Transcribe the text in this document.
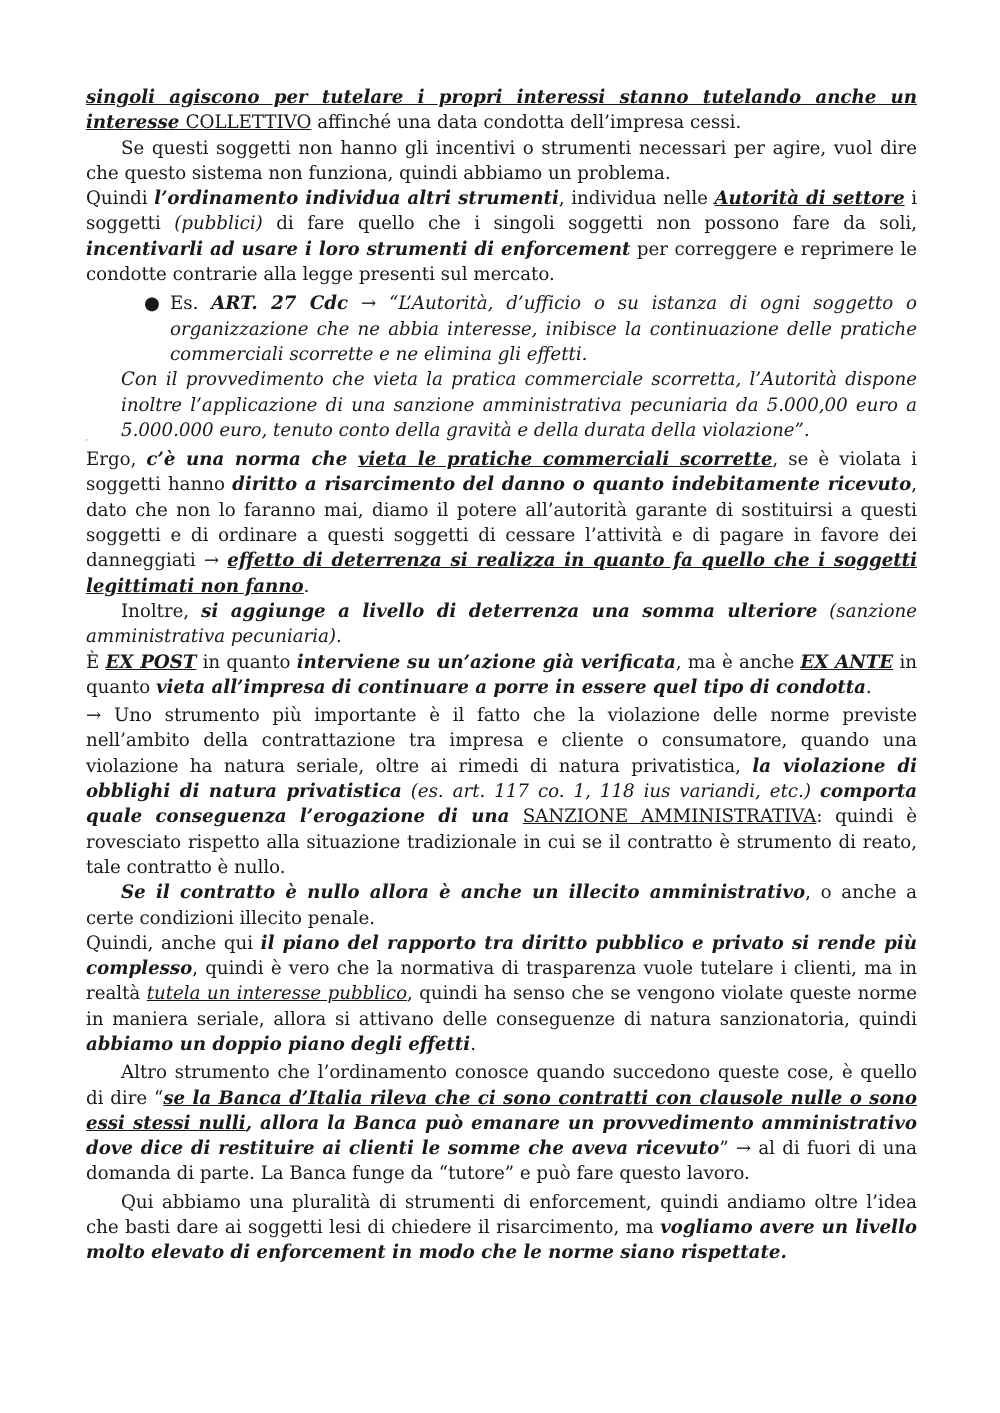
singoli agiscono per tutelare i propri interessi stanno tutelando anche un interesse COLLETTIVO affinché una data condotta dell’impresa cessi.

Se questi soggetti non hanno gli incentivi o strumenti necessari per agire, vuol dire che questo sistema non funziona, quindi abbiamo un problema.

Quindi l’ordinamento individua altri strumenti, individua nelle Autorità di settore i soggetti (pubblici) di fare quello che i singoli soggetti non possono fare da soli, incentivarli ad usare i loro strumenti di enforcement per correggere e reprimere le condotte contrarie alla legge presenti sul mercato.

● Es. ART. 27 Cdc → “L’Autorità, d’ufficio o su istanza di ogni soggetto o organizzazione che ne abbia interesse, inibisce la continuazione delle pratiche commerciali scorrette e ne elimina gli effetti.

Con il provvedimento che vieta la pratica commerciale scorretta, l’Autorità dispone inoltre l’applicazione di una sanzione amministrativa pecuniaria da 5.000,00 euro a 5.000.000 euro, tenuto conto della gravità e della durata della violazione”.

'

Ergo, c’è una norma che vieta le pratiche commerciali scorrette, se è violata i soggetti hanno diritto a risarcimento del danno o quanto indebitamente ricevuto, dato che non lo faranno mai, diamo il potere all’autorità garante di sostituirsi a questi soggetti e di ordinare a questi soggetti di cessare l’attività e di pagare in favore dei danneggiati → effetto di deterrenza si realizza in quanto fa quello che i soggetti legittimati non fanno.

Inoltre, si aggiunge a livello di deterrenza una somma ulteriore (sanzione amministrativa pecuniaria).

È EX POST in quanto interviene su un’azione già verificata, ma è anche EX ANTE in quanto vieta all’impresa di continuare a porre in essere quel tipo di condotta.

→ Uno strumento più importante è il fatto che la violazione delle norme previste nell’ambito della contrattazione tra impresa e cliente o consumatore, quando una violazione ha natura seriale, oltre ai rimedi di natura privatistica, la violazione di obblighi di natura privatistica (es. art. 117 co. 1, 118 ius variandi, etc.) comporta quale conseguenza l’erogazione di una SANZIONE AMMINISTRATIVA: quindi è rovesciato rispetto alla situazione tradizionale in cui se il contratto è strumento di reato, tale contratto è nullo.

Se il contratto è nullo allora è anche un illecito amministrativo, o anche a certe condizioni illecito penale.

Quindi, anche qui il piano del rapporto tra diritto pubblico e privato si rende più complesso, quindi è vero che la normativa di trasparenza vuole tutelare i clienti, ma in realtà tutela un interesse pubblico, quindi ha senso che se vengono violate queste norme in maniera seriale, allora si attivano delle conseguenze di natura sanzionatoria, quindi abbiamo un doppio piano degli effetti.

Altro strumento che l’ordinamento conosce quando succedono queste cose, è quello di dire “se la Banca d’Italia rileva che ci sono contratti con clausole nulle o sono essi stessi nulli, allora la Banca può emanare un provvedimento amministrativo dove dice di restituire ai clienti le somme che aveva ricevuto” → al di fuori di una domanda di parte. La Banca funge da “tutore” e può fare questo lavoro.

Qui abbiamo una pluralità di strumenti di enforcement, quindi andiamo oltre l’idea che basti dare ai soggetti lesi di chiedere il risarcimento, ma vogliamo avere un livello molto elevato di enforcement in modo che le norme siano rispettate.
